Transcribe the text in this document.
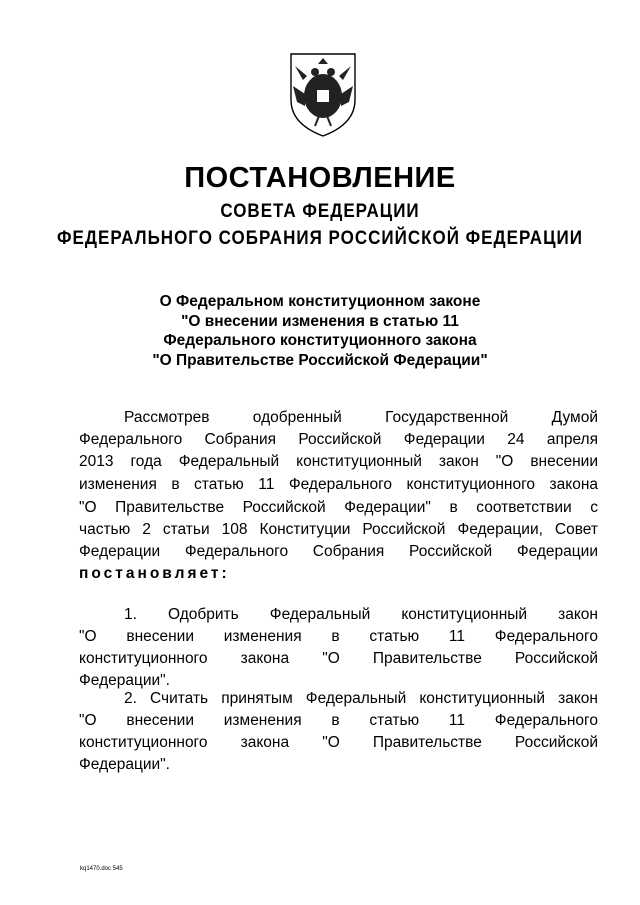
ПОСТАНОВЛЕНИЕ
СОВЕТА ФЕДЕРАЦИИ
ФЕДЕРАЛЬНОГО СОБРАНИЯ РОССИЙСКОЙ ФЕДЕРАЦИИ
О Федеральном конституционном законе
"О внесении изменения в статью 11
Федерального конституционного закона
"О Правительстве Российской Федерации"
Рассмотрев одобренный Государственной Думой
Федерального Собрания Российской Федерации 24 апреля
2013 года Федеральный конституционный закон "О внесении
изменения в статью 11 Федерального конституционного закона
"О Правительстве Российской Федерации" в соответствии с
частью 2 статьи 108 Конституции Российской Федерации, Совет
Федерации Федерального Собрания Российской Федерации
постановляет:
1. Одобрить Федеральный конституционный закон
"О внесении изменения в статью 11 Федерального
конституционного закона "О Правительстве Российской
Федерации".
2. Считать принятым Федеральный конституционный закон
"О внесении изменения в статью 11 Федерального
конституционного закона "О Правительстве Российской
Федерации".
kq1470.doc 545
